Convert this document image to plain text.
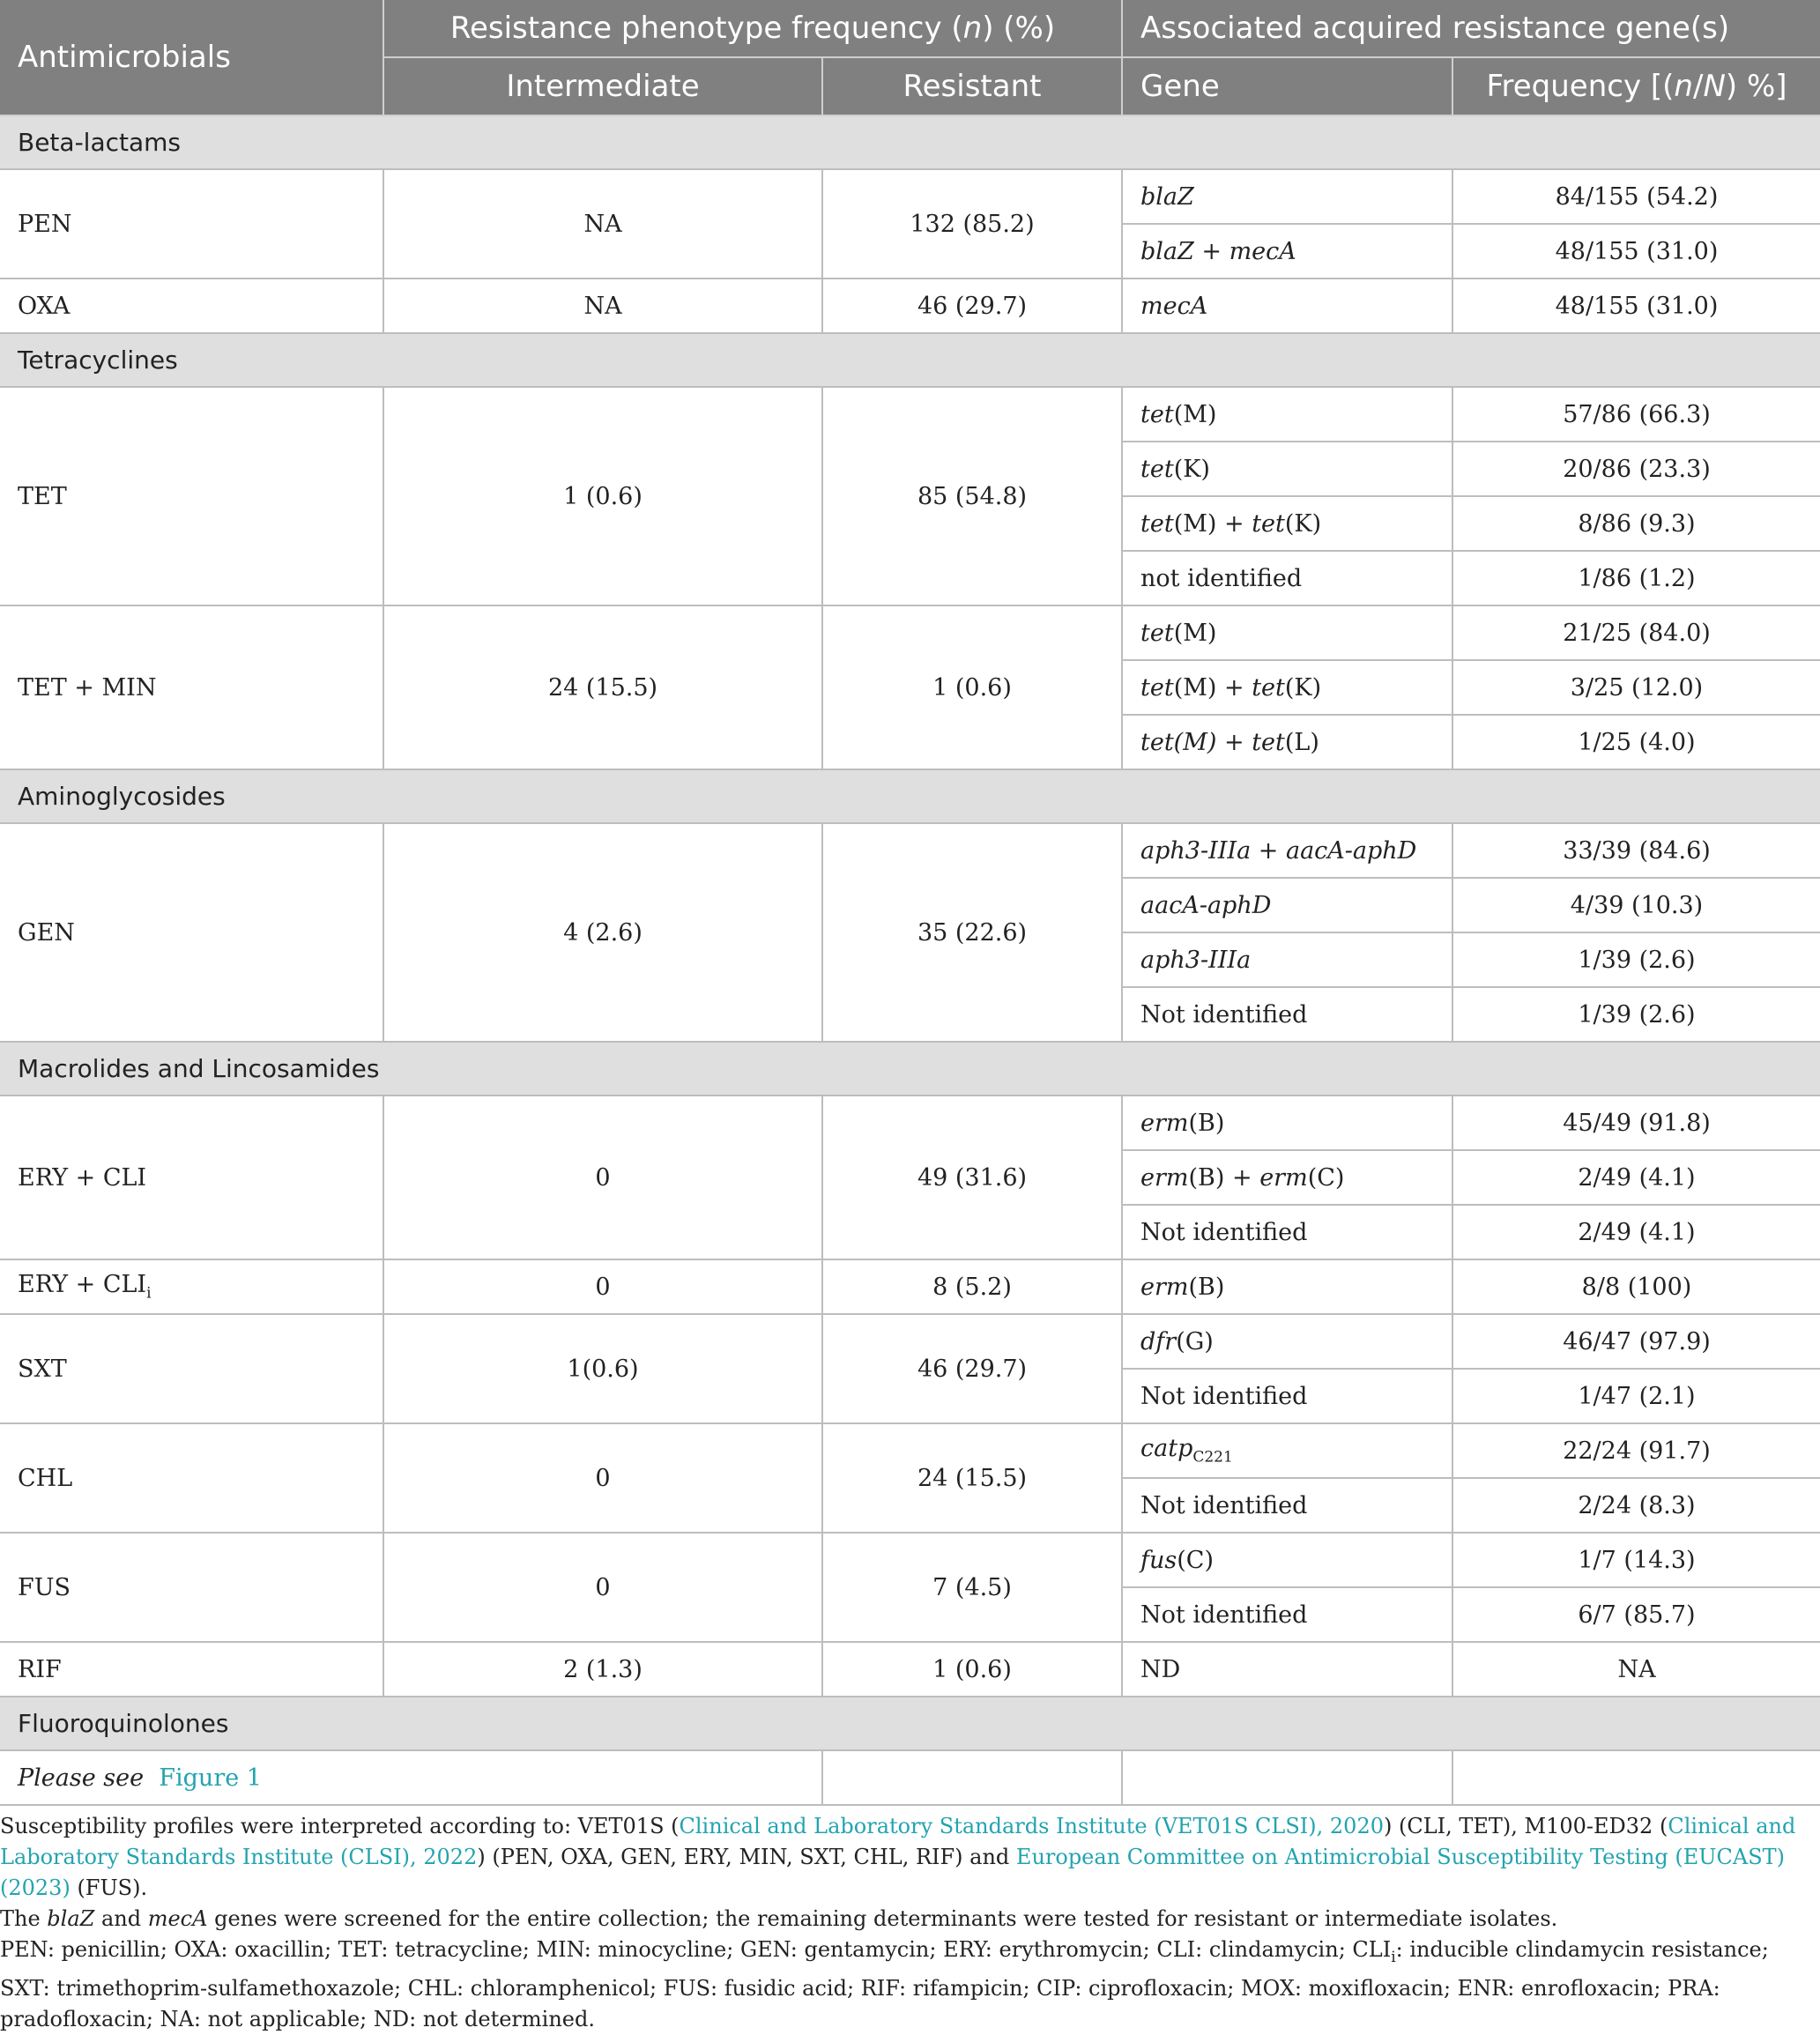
Antimicrobials	Resistance phenotype frequency (n) (%)		Associated acquired resistance gene(s)	
	Intermediate	Resistant	Gene	Frequency [(n/N) %]
Beta-lactams				
PEN	NA	132 (85.2)	blaZ	84/155 (54.2)
			blaZ + mecA	48/155 (31.0)
OXA	NA	46 (29.7)	mecA	48/155 (31.0)
Tetracyclines				
TET	1 (0.6)	85 (54.8)	tet(M)	57/86 (66.3)
			tet(K)	20/86 (23.3)
			tet(M) + tet(K)	8/86 (9.3)
			not identified	1/86 (1.2)
TET + MIN	24 (15.5)	1 (0.6)	tet(M)	21/25 (84.0)
			tet(M) + tet(K)	3/25 (12.0)
			tet(M) + tet(L)	1/25 (4.0)
Aminoglycosides				
GEN	4 (2.6)	35 (22.6)	aph3-IIIa + aacA-aphD	33/39 (84.6)
			aacA-aphD	4/39 (10.3)
			aph3-IIIa	1/39 (2.6)
			Not identified	1/39 (2.6)
Macrolides and Lincosamides				
ERY + CLI	0	49 (31.6)	erm(B)	45/49 (91.8)
			erm(B) + erm(C)	2/49 (4.1)
			Not identified	2/49 (4.1)
ERY + $CLI_i$	0	8 (5.2)	erm(B)	8/8 (100)
SXT	1(0.6)	46 (29.7)	dfr(G)	46/47 (97.9)
			Not identified	1/47 (2.1)
CHL	0	24 (15.5)	catp$_{C221}$	22/24 (91.7)
			Not identified	2/24 (8.3)
FUS	0	7 (4.5)	fus(C)	1/7 (14.3)
			Not identified	6/7 (85.7)
RIF	2 (1.3)	1 (0.6)	ND	NA
Fluoroquinolones				
Please see Figure 1				

Susceptibility profiles were interpreted according to: VET01S (Clinical and Laboratory Standards Institute (VET01S CLSI), 2020) (CLI, TET), M100-ED32 (Clinical and Laboratory Standards Institute (CLSI), 2022) (PEN, OXA, GEN, ERY, MIN, SXT, CHL, RIF) and European Committee on Antimicrobial Susceptibility Testing (EUCAST) (2023) (FUS).

The blaZ and mecA genes were screened for the entire collection; the remaining determinants were tested for resistant or intermediate isolates.

PEN: penicillin; OXA: oxacillin; TET: tetracycline; MIN: minocycline; GEN: gentamycin; ERY: erythromycin; CLI: clindamycin; $CLI_i$: inducible clindamycin resistance; SXT: trimethoprim-sulfamethoxazole; CHL: chloramphenicol; FUS: fusidic acid; RIF: rifampicin; CIP: ciprofloxacin; MOX: moxifloxacin; ENR: enrofloxacin; PRA: pradofloxacin; NA: not applicable; ND: not determined.
